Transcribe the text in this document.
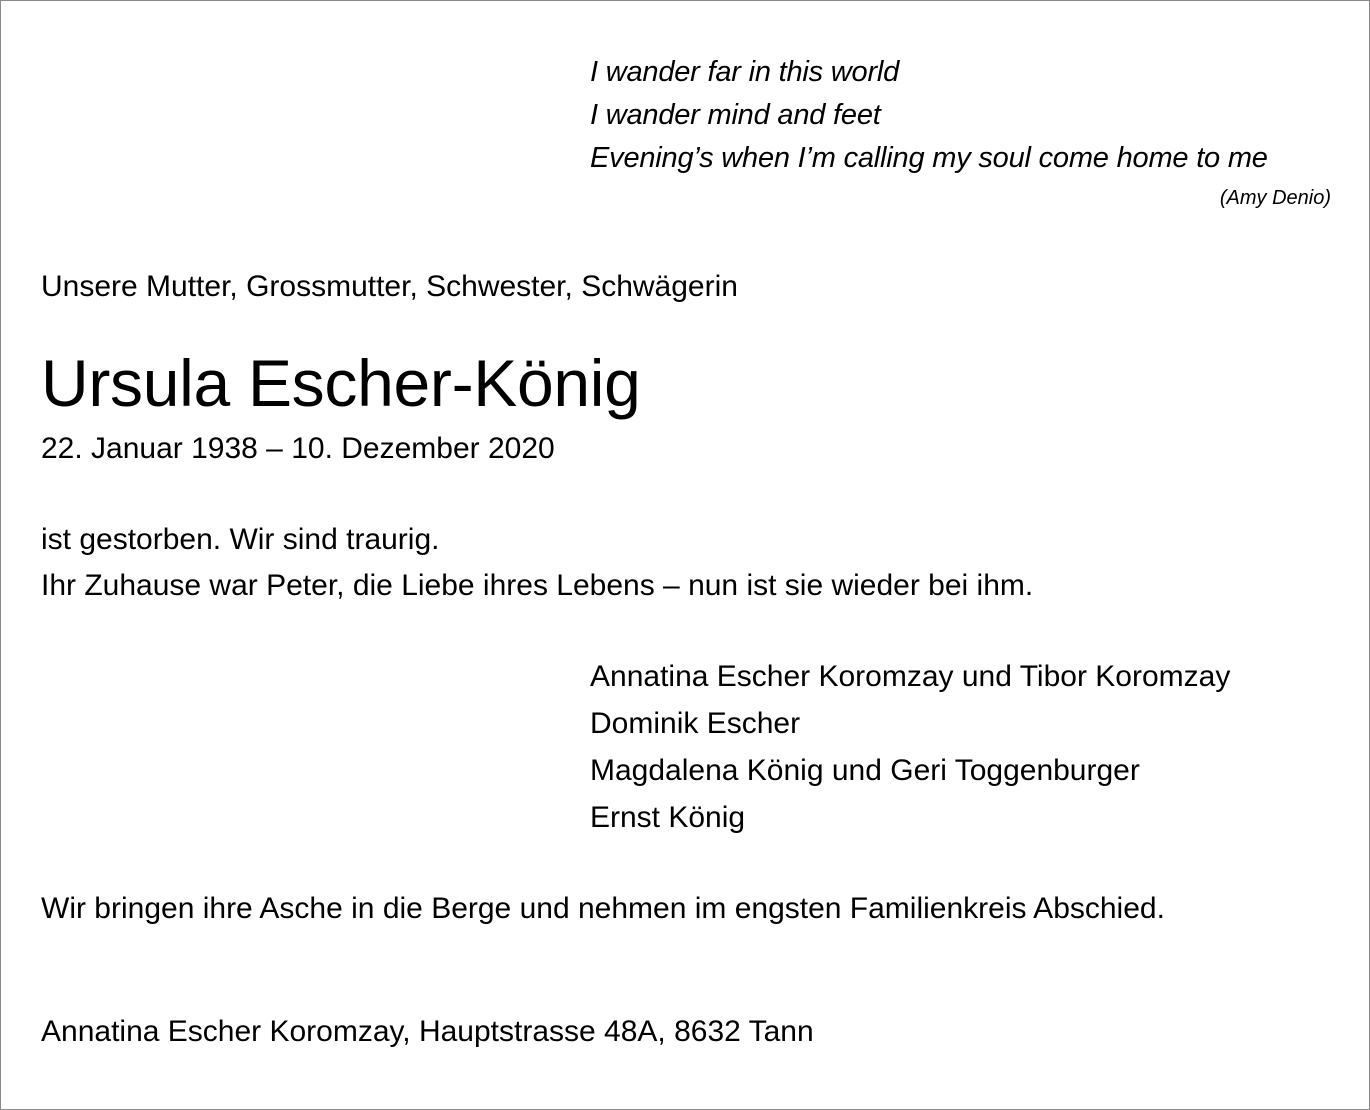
I wander far in this world
I wander mind and feet
Evening’s when I’m calling my soul come home to me
(Amy Denio)
Unsere Mutter, Grossmutter, Schwester, Schwägerin
Ursula Escher-König
22. Januar 1938 – 10. Dezember 2020
ist gestorben. Wir sind traurig.
Ihr Zuhause war Peter, die Liebe ihres Lebens – nun ist sie wieder bei ihm.
Annatina Escher Koromzay und Tibor Koromzay
Dominik Escher
Magdalena König und Geri Toggenburger
Ernst König
Wir bringen ihre Asche in die Berge und nehmen im engsten Familienkreis Abschied.
Annatina Escher Koromzay, Hauptstrasse 48A, 8632 Tann
